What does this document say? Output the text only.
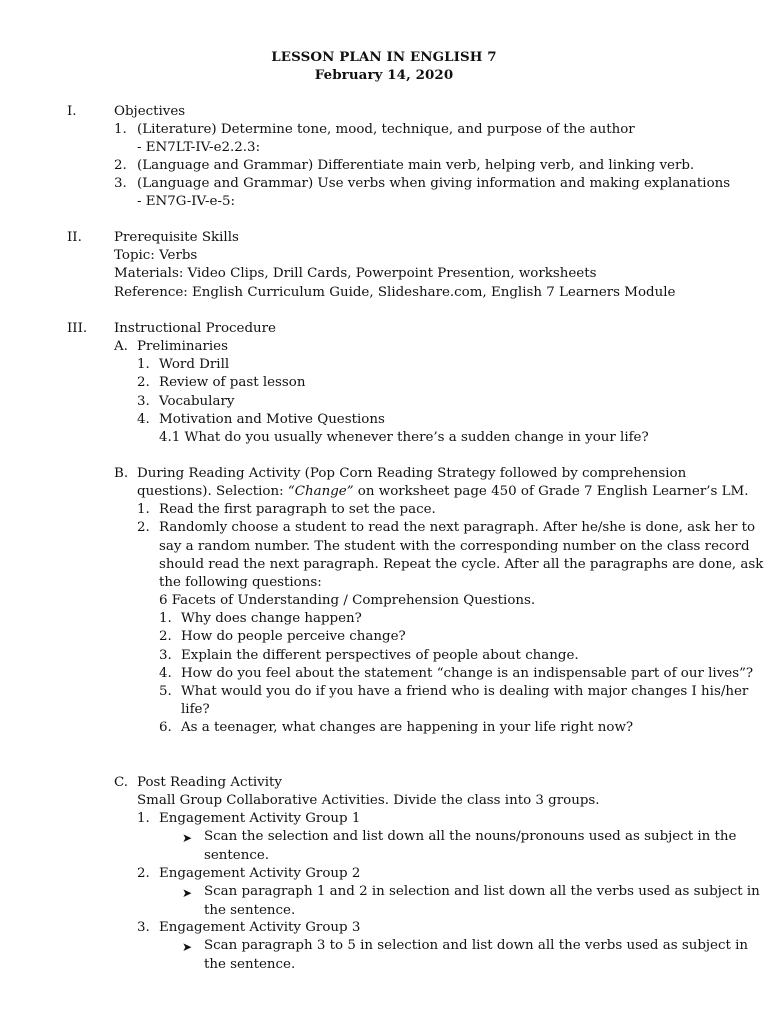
LESSON PLAN IN ENGLISH 7
February 14, 2020
I.	Objectives
1. (Literature) Determine tone, mood, technique, and purpose of the author
- EN7LT-IV-e2.2.3:
2. (Language and Grammar) Differentiate main verb, helping verb, and linking verb.
3. (Language and Grammar) Use verbs when giving information and making explanations
- EN7G-IV-e-5:
II. Prerequisite Skills
Topic: Verbs
Materials: Video Clips, Drill Cards, Powerpoint Presention, worksheets
Reference: English Curriculum Guide, Slideshare.com, English 7 Learners Module
III. Instructional Procedure
A. Preliminaries
1. Word Drill
2. Review of past lesson
3. Vocabulary
4. Motivation and Motive Questions
4.1 What do you usually whenever there’s a sudden change in your life?
B. During Reading Activity (Pop Corn Reading Strategy followed by comprehension
questions). Selection: “Change” on worksheet page 450 of Grade 7 English Learner’s LM.
1. Read the first paragraph to set the pace.
2. Randomly choose a student to read the next paragraph. After he/she is done, ask her to
say a random number. The student with the corresponding number on the class record
should read the next paragraph. Repeat the cycle. After all the paragraphs are done, ask
the following questions:
6 Facets of Understanding / Comprehension Questions.
1. Why does change happen?
2. How do people perceive change?
3. Explain the different perspectives of people about change.
4. How do you feel about the statement “change is an indispensable part of our lives”?
5. What would you do if you have a friend who is dealing with major changes I his/her
life?
6. As a teenager, what changes are happening in your life right now?
C. Post Reading Activity
Small Group Collaborative Activities. Divide the class into 3 groups.
1. Engagement Activity Group 1
➤ Scan the selection and list down all the nouns/pronouns used as subject in the
sentence.
2. Engagement Activity Group 2
➤ Scan paragraph 1 and 2 in selection and list down all the verbs used as subject in
the sentence.
3. Engagement Activity Group 3
➤ Scan paragraph 3 to 5 in selection and list down all the verbs used as subject in
the sentence.
